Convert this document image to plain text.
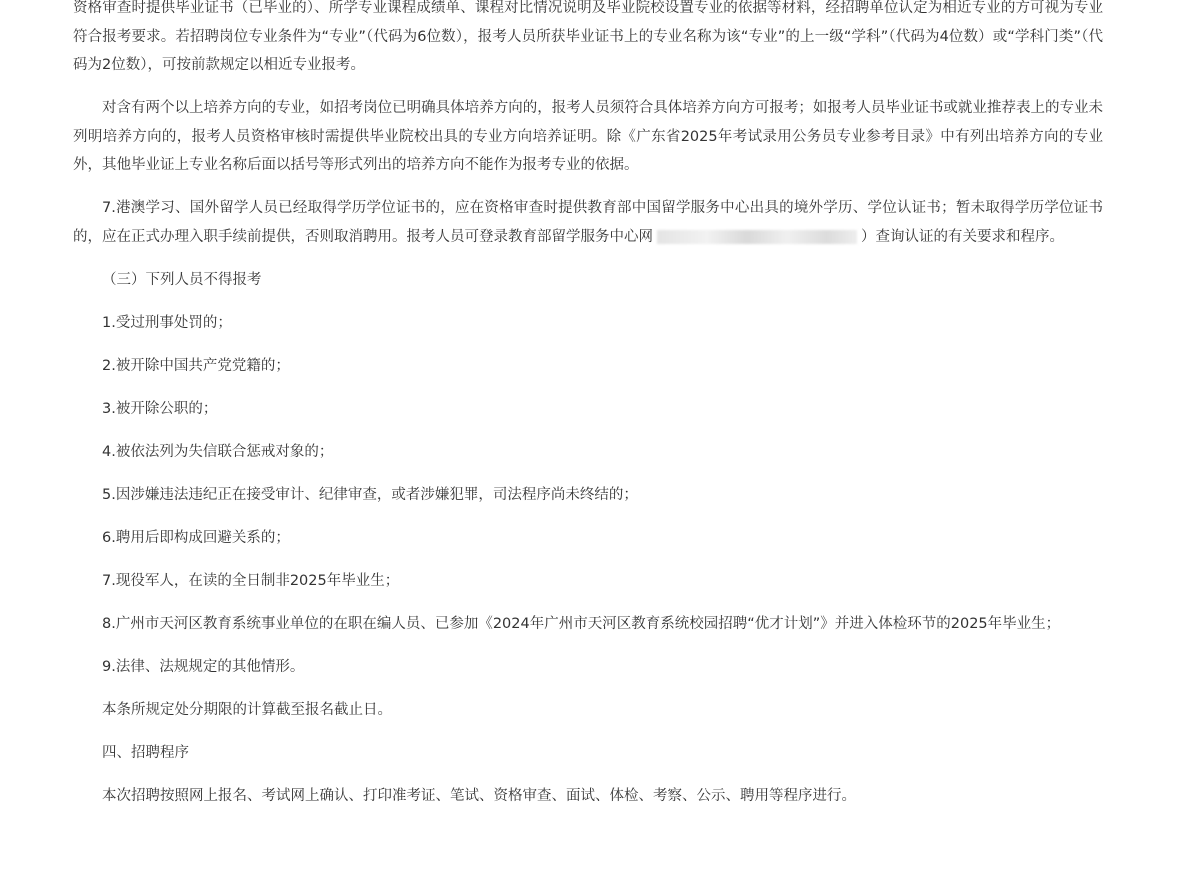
资格审查时提供毕业证书（已毕业的）、所学专业课程成绩单、课程对比情况说明及毕业院校设置专业的依据等材料，经招聘单位认定为相近专业的方可视为专业符合报考要求。若招聘岗位专业条件为“专业”（代码为6位数），报考人员所获毕业证书上的专业名称为该“专业”的上一级“学科”（代码为4位数）或“学科门类”（代码为2位数），可按前款规定以相近专业报考。

对含有两个以上培养方向的专业，如招考岗位已明确具体培养方向的，报考人员须符合具体培养方向方可报考；如报考人员毕业证书或就业推荐表上的专业未列明培养方向的，报考人员资格审核时需提供毕业院校出具的专业方向培养证明。除《广东省2025年考试录用公务员专业参考目录》中有列出培养方向的专业外，其他毕业证上专业名称后面以括号等形式列出的培养方向不能作为报考专业的依据。

7.港澳学习、国外留学人员已经取得学历学位证书的，应在资格审查时提供教育部中国留学服务中心出具的境外学历、学位认证书；暂未取得学历学位证书的，应在正式办理入职手续前提供，否则取消聘用。报考人员可登录教育部留学服务中心网	）查询认证的有关要求和程序。

（三）下列人员不得报考

1.受过刑事处罚的；

2.被开除中国共产党党籍的；

3.被开除公职的；

4.被依法列为失信联合惩戒对象的；

5.因涉嫌违法违纪正在接受审计、纪律审查，或者涉嫌犯罪，司法程序尚未终结的；

6.聘用后即构成回避关系的；

7.现役军人，在读的全日制非2025年毕业生；

8.广州市天河区教育系统事业单位的在职在编人员、已参加《2024年广州市天河区教育系统校园招聘“优才计划”》并进入体检环节的2025年毕业生；

9.法律、法规规定的其他情形。

本条所规定处分期限的计算截至报名截止日。

四、招聘程序

本次招聘按照网上报名、考试网上确认、打印准考证、笔试、资格审查、面试、体检、考察、公示、聘用等程序进行。
